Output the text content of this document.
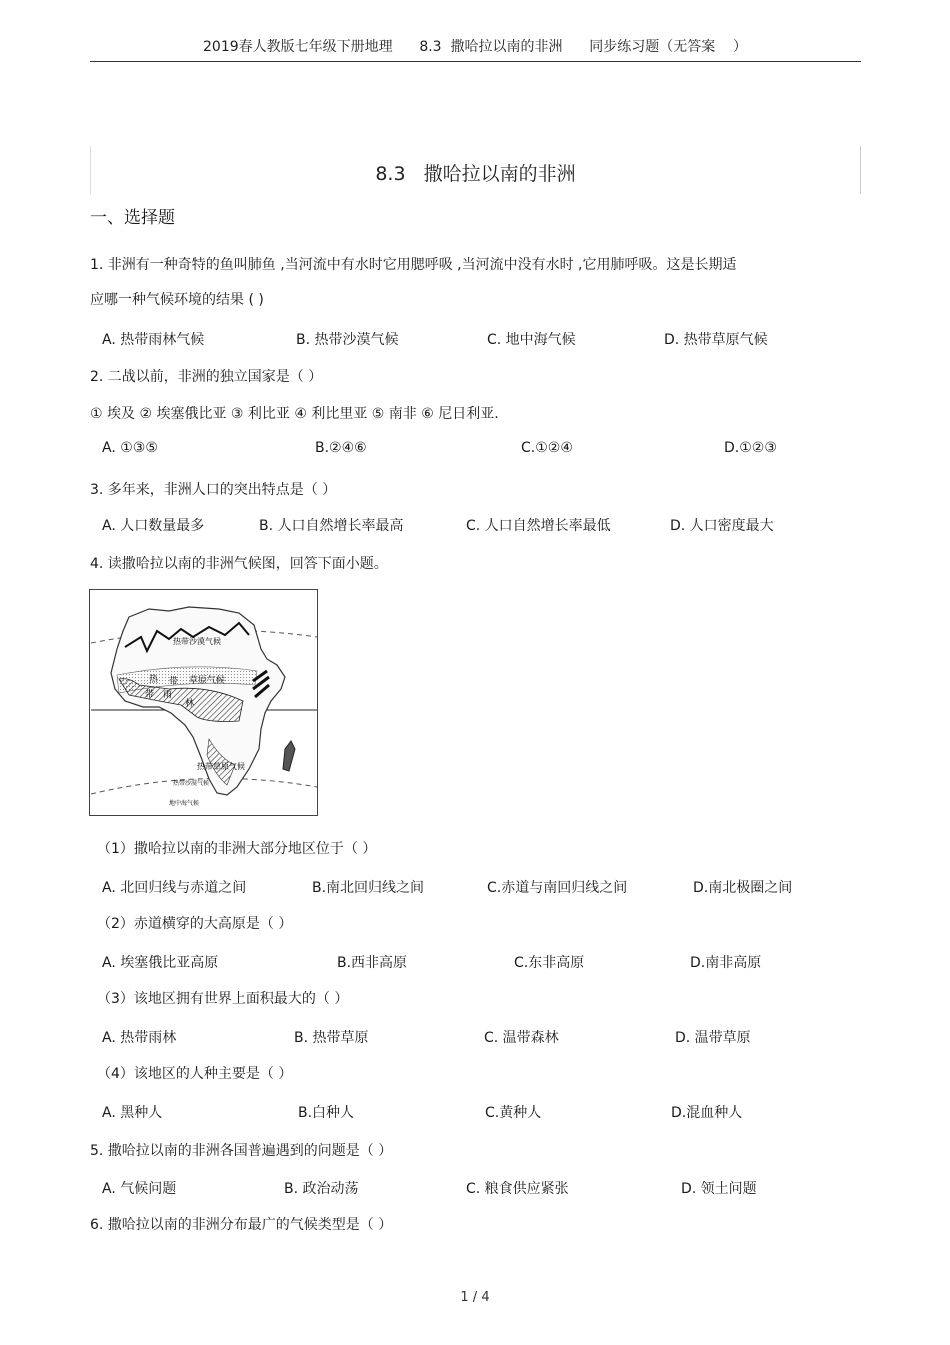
2019春人教版七年级下册地理      8.3  撒哈拉以南的非洲      同步练习题（无答案    ）
8.3   撒哈拉以南的非洲
一、选择题
1. 非洲有一种奇特的鱼叫肺鱼 ,当河流中有水时它用腮呼吸 ,当河流中没有水时 ,它用肺呼吸。这是长期适
应哪一种气候环境的结果 ( )
A. 热带雨林气候	B. 热带沙漠气候	C. 地中海气候	D. 热带草原气候
2. 二战以前，非洲的独立国家是（ ）
① 埃及 ② 埃塞俄比亚 ③ 利比亚 ④ 利比里亚 ⑤ 南非 ⑥ 尼日利亚.
A. ①③⑤	B.②④⑥	C.①②④	D.①②③
3. 多年来，非洲人口的突出特点是（ ）
A. 人口数量最多	B. 人口自然增长率最高	C. 人口自然增长率最低	D. 人口密度最大
4. 读撒哈拉以南的非洲气候图，回答下面小题。
热带沙漠气候
热 带 草原气候
带 雨
林
热带草原气候
热带沙漠气候
地中海气候
（1）撒哈拉以南的非洲大部分地区位于（ ）
A. 北回归线与赤道之间	B.南北回归线之间	C.赤道与南回归线之间	D.南北极圈之间
（2）赤道横穿的大高原是（ ）
A. 埃塞俄比亚高原	B.西非高原	C.东非高原	D.南非高原
（3）该地区拥有世界上面积最大的（ ）
A. 热带雨林	B. 热带草原	C. 温带森林	D. 温带草原
（4）该地区的人种主要是（ ）
A. 黑种人	B.白种人	C.黄种人	D.混血种人
5. 撒哈拉以南的非洲各国普遍遇到的问题是（ ）
A. 气候问题	B. 政治动荡	C. 粮食供应紧张	D. 领土问题
6. 撒哈拉以南的非洲分布最广的气候类型是（ ）
1 / 4
